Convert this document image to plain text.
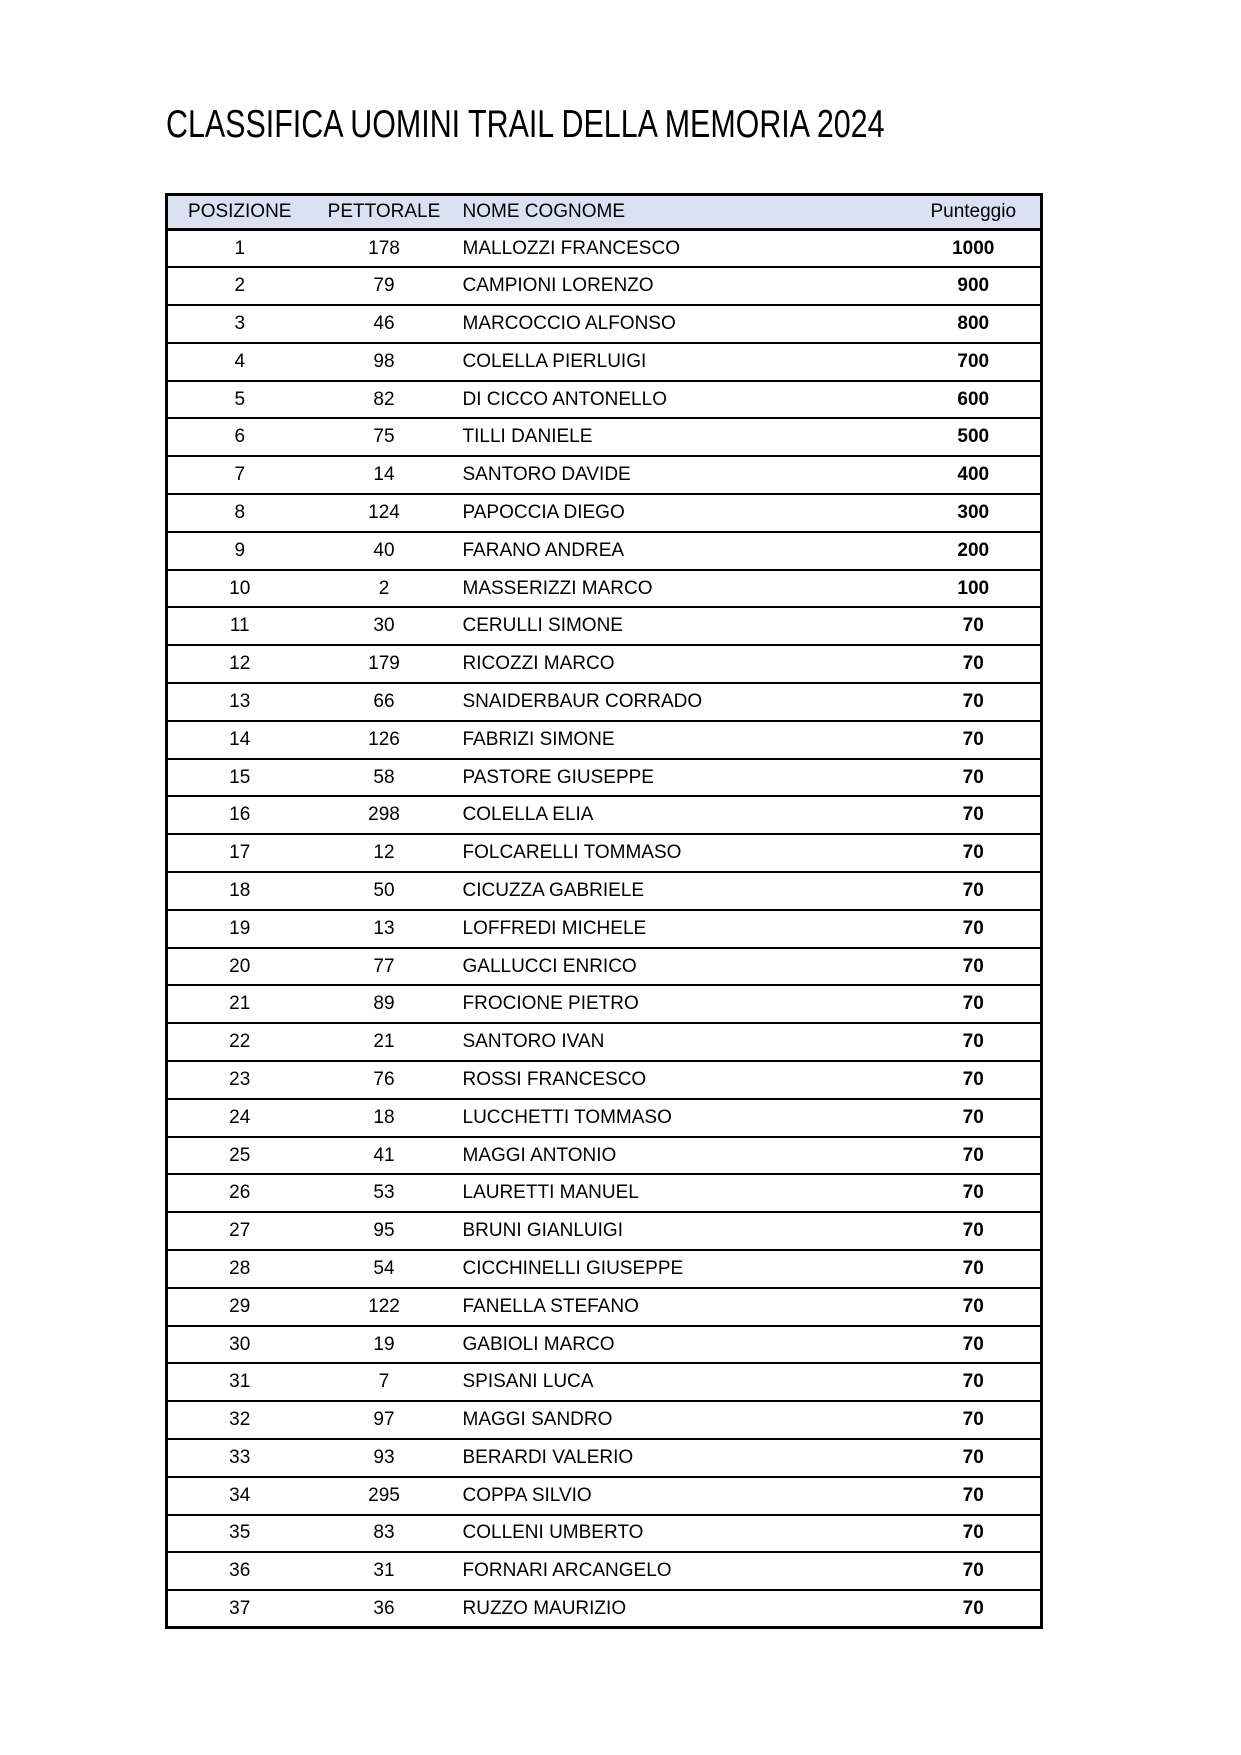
CLASSIFICA UOMINI TRAIL DELLA MEMORIA 2024
POSIZIONE	PETTORALE	NOME COGNOME	Punteggio
1	178	MALLOZZI FRANCESCO	1000
2	79	CAMPIONI LORENZO	900
3	46	MARCOCCIO ALFONSO	800
4	98	COLELLA PIERLUIGI	700
5	82	DI CICCO ANTONELLO	600
6	75	TILLI DANIELE	500
7	14	SANTORO DAVIDE	400
8	124	PAPOCCIA DIEGO	300
9	40	FARANO ANDREA	200
10	2	MASSERIZZI MARCO	100
11	30	CERULLI SIMONE	70
12	179	RICOZZI MARCO	70
13	66	SNAIDERBAUR CORRADO	70
14	126	FABRIZI SIMONE	70
15	58	PASTORE GIUSEPPE	70
16	298	COLELLA ELIA	70
17	12	FOLCARELLI TOMMASO	70
18	50	CICUZZA GABRIELE	70
19	13	LOFFREDI MICHELE	70
20	77	GALLUCCI ENRICO	70
21	89	FROCIONE PIETRO	70
22	21	SANTORO IVAN	70
23	76	ROSSI FRANCESCO	70
24	18	LUCCHETTI TOMMASO	70
25	41	MAGGI ANTONIO	70
26	53	LAURETTI MANUEL	70
27	95	BRUNI GIANLUIGI	70
28	54	CICCHINELLI GIUSEPPE	70
29	122	FANELLA STEFANO	70
30	19	GABIOLI MARCO	70
31	7	SPISANI LUCA	70
32	97	MAGGI SANDRO	70
33	93	BERARDI VALERIO	70
34	295	COPPA SILVIO	70
35	83	COLLENI UMBERTO	70
36	31	FORNARI ARCANGELO	70
37	36	RUZZO MAURIZIO	70
